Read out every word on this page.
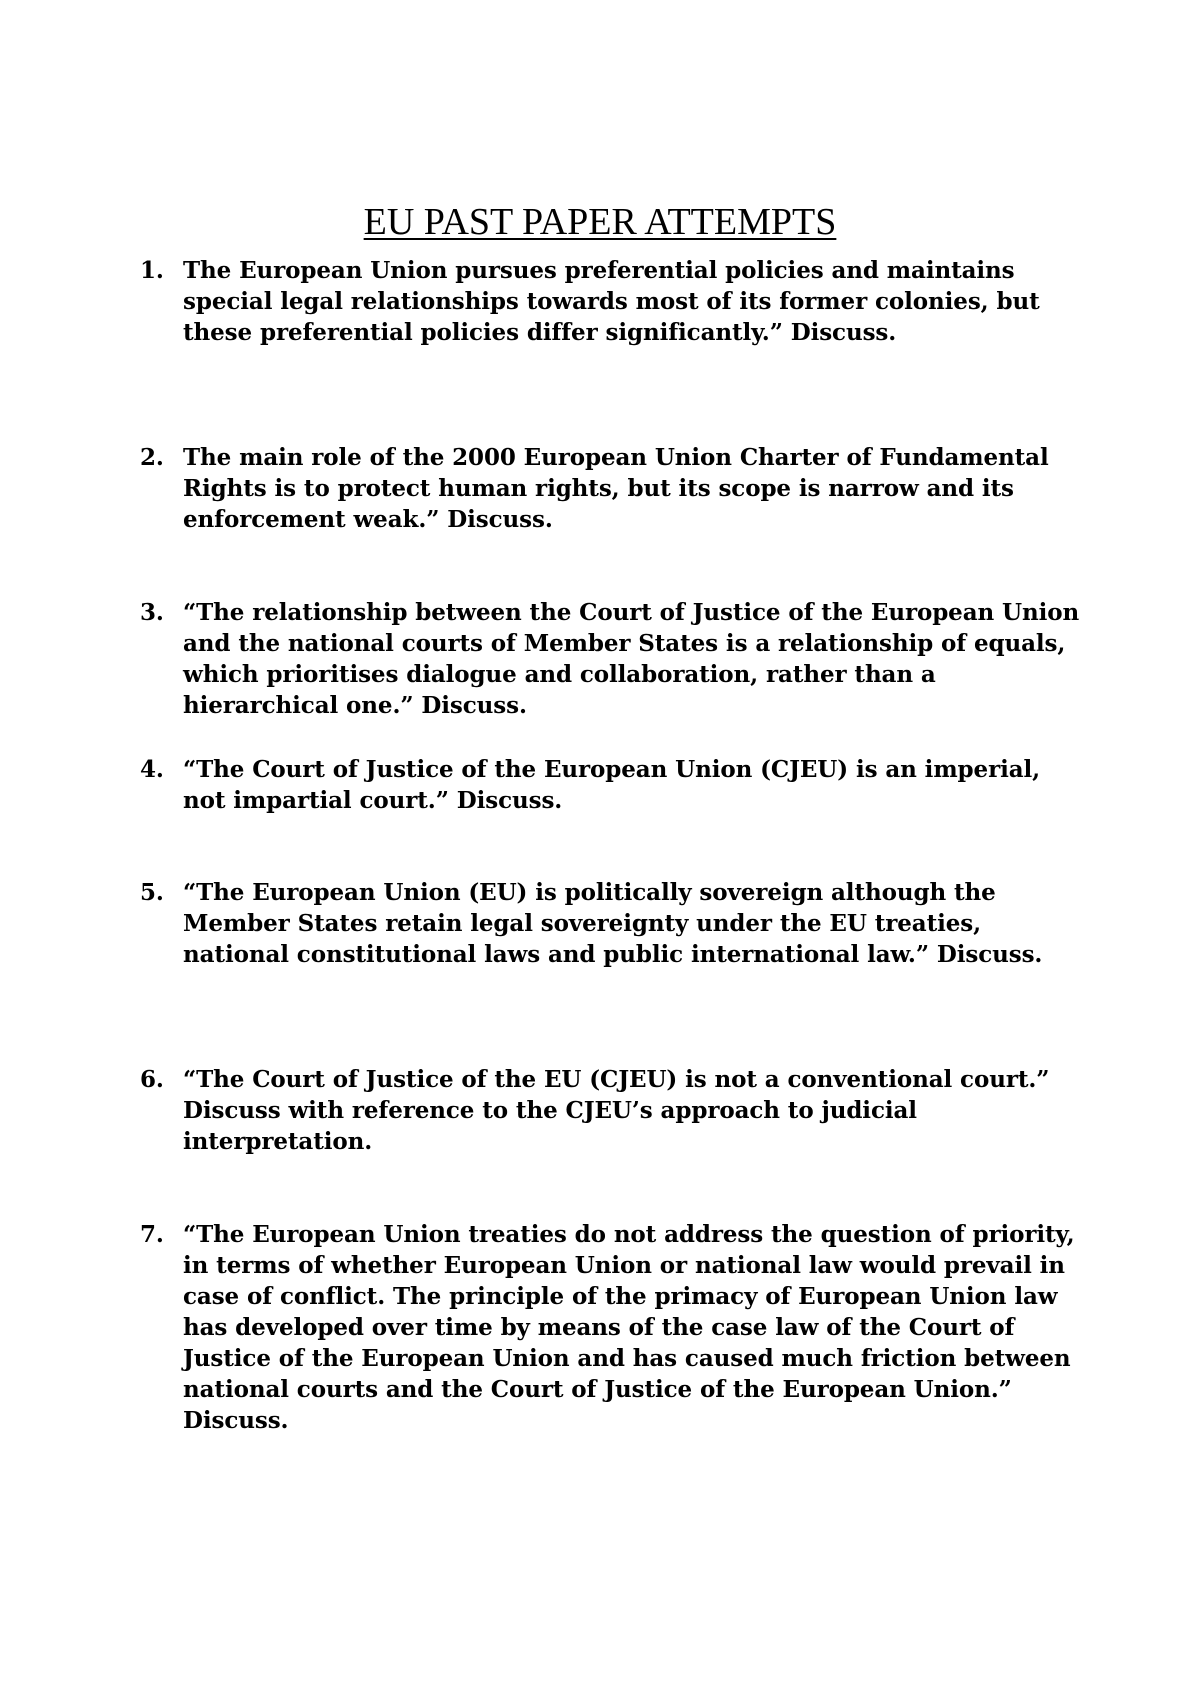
EU PAST PAPER ATTEMPTS
1. The European Union pursues preferential policies and maintains special legal relationships towards most of its former colonies, but these preferential policies differ significantly.” Discuss.
2. The main role of the 2000 European Union Charter of Fundamental Rights is to protect human rights, but its scope is narrow and its enforcement weak.” Discuss.
3. “The relationship between the Court of Justice of the European Union and the national courts of Member States is a relationship of equals, which prioritises dialogue and collaboration, rather than a hierarchical one.” Discuss.
4. “The Court of Justice of the European Union (CJEU) is an imperial, not impartial court.” Discuss.
5. “The European Union (EU) is politically sovereign although the Member States retain legal sovereignty under the EU treaties, national constitutional laws and public international law.” Discuss.
6. “The Court of Justice of the EU (CJEU) is not a conventional court.” Discuss with reference to the CJEU’s approach to judicial interpretation.
7. “The European Union treaties do not address the question of priority, in terms of whether European Union or national law would prevail in case of conflict. The principle of the primacy of European Union law has developed over time by means of the case law of the Court of Justice of the European Union and has caused much friction between national courts and the Court of Justice of the European Union.” Discuss.
